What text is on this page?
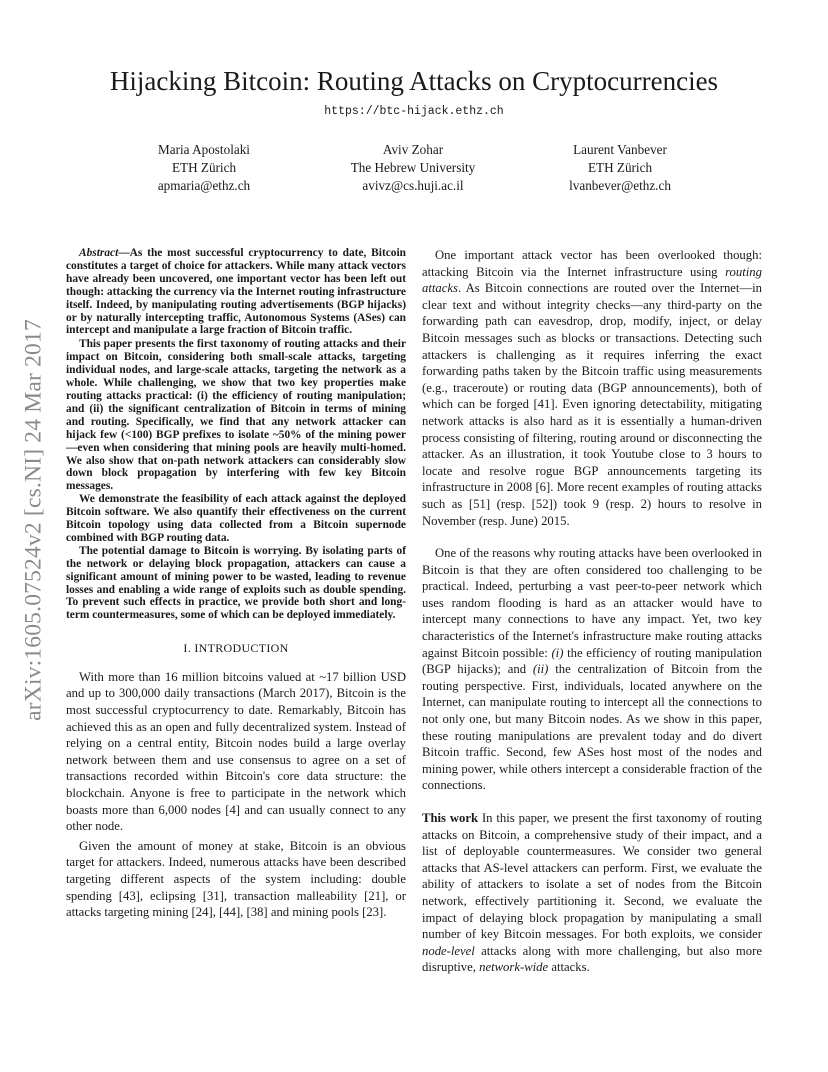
arXiv:1605.07524v2 [cs.NI] 24 Mar 2017
Hijacking Bitcoin: Routing Attacks on Cryptocurrencies
https://btc-hijack.ethz.ch
Maria Apostolaki
ETH Zürich
apmaria@ethz.ch
Aviv Zohar
The Hebrew University
avivz@cs.huji.ac.il
Laurent Vanbever
ETH Zürich
lvanbever@ethz.ch

Abstract—As the most successful cryptocurrency to date, Bitcoin constitutes a target of choice for attackers. While many attack vectors have already been uncovered, one important vector has been left out though: attacking the currency via the Internet routing infrastructure itself. Indeed, by manipulating routing advertisements (BGP hijacks) or by naturally intercepting traffic, Autonomous Systems (ASes) can intercept and manipulate a large fraction of Bitcoin traffic.

This paper presents the first taxonomy of routing attacks and their impact on Bitcoin, considering both small-scale attacks, targeting individual nodes, and large-scale attacks, targeting the network as a whole. While challenging, we show that two key properties make routing attacks practical: (i) the efficiency of routing manipulation; and (ii) the significant centralization of Bitcoin in terms of mining and routing. Specifically, we find that any network attacker can hijack few (<100) BGP prefixes to isolate ~50% of the mining power—even when considering that mining pools are heavily multi-homed. We also show that on-path network attackers can considerably slow down block propagation by interfering with few key Bitcoin messages.

We demonstrate the feasibility of each attack against the deployed Bitcoin software. We also quantify their effectiveness on the current Bitcoin topology using data collected from a Bitcoin supernode combined with BGP routing data.

The potential damage to Bitcoin is worrying. By isolating parts of the network or delaying block propagation, attackers can cause a significant amount of mining power to be wasted, leading to revenue losses and enabling a wide range of exploits such as double spending. To prevent such effects in practice, we provide both short and long-term countermeasures, some of which can be deployed immediately.

I. INTRODUCTION

With more than 16 million bitcoins valued at ~17 billion USD and up to 300,000 daily transactions (March 2017), Bitcoin is the most successful cryptocurrency to date. Remarkably, Bitcoin has achieved this as an open and fully decentralized system. Instead of relying on a central entity, Bitcoin nodes build a large overlay network between them and use consensus to agree on a set of transactions recorded within Bitcoin's core data structure: the blockchain. Anyone is free to participate in the network which boasts more than 6,000 nodes [4] and can usually connect to any other node.

Given the amount of money at stake, Bitcoin is an obvious target for attackers. Indeed, numerous attacks have been described targeting different aspects of the system including: double spending [43], eclipsing [31], transaction malleability [21], or attacks targeting mining [24], [44], [38] and mining pools [23].

One important attack vector has been overlooked though: attacking Bitcoin via the Internet infrastructure using routing attacks. As Bitcoin connections are routed over the Internet—in clear text and without integrity checks—any third-party on the forwarding path can eavesdrop, drop, modify, inject, or delay Bitcoin messages such as blocks or transactions. Detecting such attackers is challenging as it requires inferring the exact forwarding paths taken by the Bitcoin traffic using measurements (e.g., traceroute) or routing data (BGP announcements), both of which can be forged [41]. Even ignoring detectability, mitigating network attacks is also hard as it is essentially a human-driven process consisting of filtering, routing around or disconnecting the attacker. As an illustration, it took Youtube close to 3 hours to locate and resolve rogue BGP announcements targeting its infrastructure in 2008 [6]. More recent examples of routing attacks such as [51] (resp. [52]) took 9 (resp. 2) hours to resolve in November (resp. June) 2015.

One of the reasons why routing attacks have been overlooked in Bitcoin is that they are often considered too challenging to be practical. Indeed, perturbing a vast peer-to-peer network which uses random flooding is hard as an attacker would have to intercept many connections to have any impact. Yet, two key characteristics of the Internet's infrastructure make routing attacks against Bitcoin possible: (i) the efficiency of routing manipulation (BGP hijacks); and (ii) the centralization of Bitcoin from the routing perspective. First, individuals, located anywhere on the Internet, can manipulate routing to intercept all the connections to not only one, but many Bitcoin nodes. As we show in this paper, these routing manipulations are prevalent today and do divert Bitcoin traffic. Second, few ASes host most of the nodes and mining power, while others intercept a considerable fraction of the connections.

This work In this paper, we present the first taxonomy of routing attacks on Bitcoin, a comprehensive study of their impact, and a list of deployable countermeasures. We consider two general attacks that AS-level attackers can perform. First, we evaluate the ability of attackers to isolate a set of nodes from the Bitcoin network, effectively partitioning it. Second, we evaluate the impact of delaying block propagation by manipulating a small number of key Bitcoin messages. For both exploits, we consider node-level attacks along with more challenging, but also more disruptive, network-wide attacks.
